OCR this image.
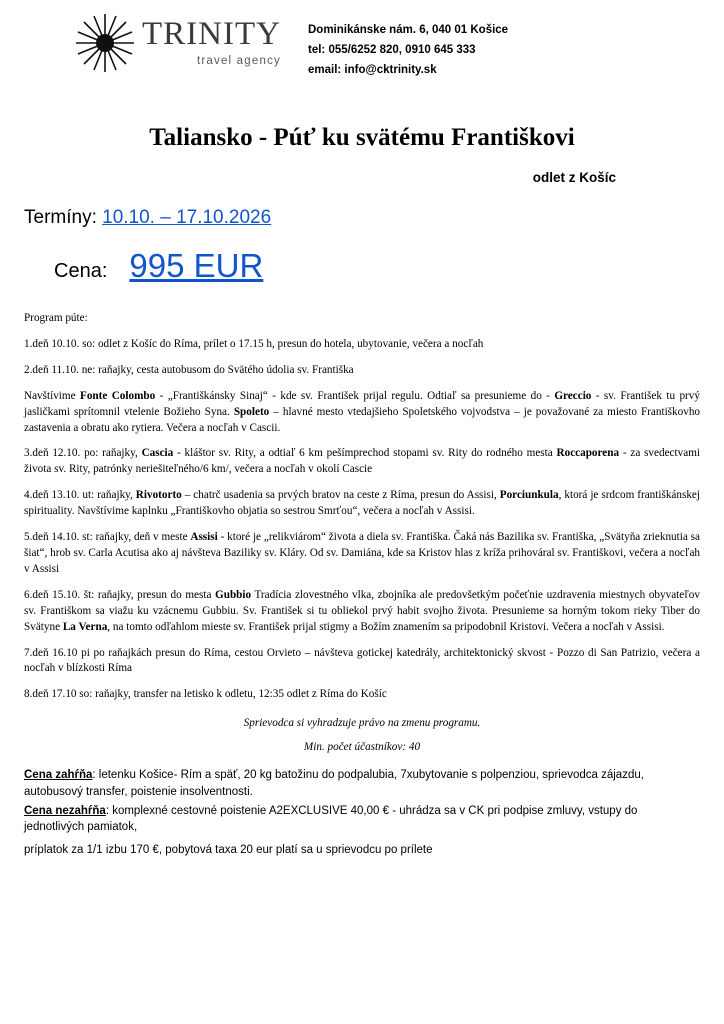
TRINITY
travel agency
Dominikánske nám. 6, 040 01 Košice
tel: 055/6252 820, 0910 645 333
email: info@cktrinity.sk
Taliansko - Púť ku svätému Františkovi
odlet z Košíc
Termíny: 10.10. – 17.10.2026
Cena: 995 EUR

Program púte:

1.deň 10.10. so: odlet z Košíc do Ríma, prílet o 17.15 h, presun do hotela, ubytovanie, večera a nocľah

2.deň 11.10. ne: raňajky, cesta autobusom do Svätého údolia sv. Františka

Navštívime Fonte Colombo - „Františkánsky Sinaj“ - kde sv. František prijal regulu. Odtiaľ sa presunieme do - Greccio - sv. František tu prvý jasličkami sprítomnil vtelenie Božieho Syna. Spoleto – hlavné mesto vtedajšieho Spoletského vojvodstva – je považované za miesto Františkovho zastavenia a obratu ako rytiera. Večera a nocľah v Cascii.

3.deň 12.10. po: raňajky, Cascia - kláštor sv. Rity, a odtiaľ 6 km pešímprechod stopami sv. Rity do rodného mesta Roccaporena - za svedectvami života sv. Rity, patrónky neriešiteľného/6 km/, večera a nocľah v okolí Cascie

4.deň 13.10. ut: raňajky, Rivotorto – chatrč usadenia sa prvých bratov na ceste z Ríma, presun do Assisi, Porciunkula, ktorá je srdcom františkánskej spirituality. Navštívime kaplnku „Františkovho objatia so sestrou Smrťou“, večera a nocľah v Assisi.

5.deň 14.10. st: raňajky, deň v meste Assisi - ktoré je „relikviárom“ života a diela sv. Františka. Čaká nás Bazilika sv. Františka, „Svätyňa zrieknutia sa šiat“, hrob sv. Carla Acutisa ako aj návšteva Baziliky sv. Kláry. Od sv. Damiána, kde sa Kristov hlas z kríža prihováral sv. Františkovi, večera a nocľah v Assisi

6.deň 15.10. št: raňajky, presun do mesta Gubbio Tradícia zlovestného vlka, zbojníka ale predovšetkým počeťnie uzdravenia miestnych obyvateľov sv. Františkom sa viažu ku vzácnemu Gubbiu. Sv. František si tu obliekol prvý habit svojho života. Presunieme sa horným tokom rieky Tiber do Svätyne La Verna, na tomto odľahlom mieste sv. František prijal stigmy a Božím znamením sa pripodobnil Kristovi. Večera a nocľah v Assisi.

7.deň 16.10 pi po raňajkách presun do Ríma, cestou Orvieto – návšteva gotickej katedrály, architektonický skvost - Pozzo di San Patrizio, večera a nocľah v blízkosti Ríma

8.deň 17.10 so: raňajky, transfer na letisko k odletu, 12:35 odlet z Ríma do Košíc

Sprievodca si vyhradzuje právo na zmenu programu.
Min. počet účastníkov: 40

Cena zahŕňa: letenku Košice- Rím a späť, 20 kg batožinu do podpalubia, 7xubytovanie s polpenziou, sprievodca zájazdu, autobusový transfer, poistenie insolventnosti.

Cena nezahŕňa: komplexné cestovné poistenie A2EXCLUSIVE 40,00 € - uhrádza sa v CK pri podpise zmluvy, vstupy do jednotlivých pamiatok,

príplatok za 1/1 izbu 170 €, pobytová taxa 20 eur platí sa u sprievodcu po prílete
